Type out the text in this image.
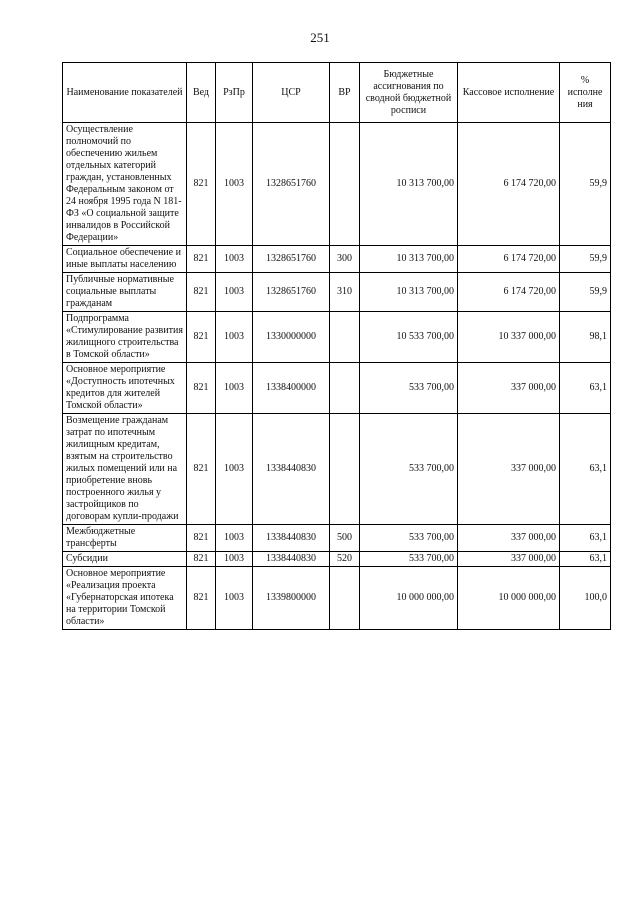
251
Наименование показателей	Вед	РзПр	ЦСР	ВР	Бюджетные ассигнования по сводной бюджетной росписи	Кассовое исполнение	% исполне ния
Осуществление полномочий по обеспечению жильем отдельных категорий граждан, установленных Федеральным законом от 24 ноября 1995 года N 181-ФЗ «О социальной защите инвалидов в Российской Федерации»	821	1003	1328651760		10 313 700,00	6 174 720,00	59,9
Социальное обеспечение и иные выплаты населению	821	1003	1328651760	300	10 313 700,00	6 174 720,00	59,9
Публичные нормативные социальные выплаты гражданам	821	1003	1328651760	310	10 313 700,00	6 174 720,00	59,9
Подпрограмма «Стимулирование развития жилищного строительства в Томской области»	821	1003	1330000000		10 533 700,00	10 337 000,00	98,1
Основное мероприятие «Доступность ипотечных кредитов для жителей Томской области»	821	1003	1338400000		533 700,00	337 000,00	63,1
Возмещение гражданам затрат по ипотечным жилищным кредитам, взятым на строительство жилых помещений или на приобретение вновь построенного жилья у застройщиков по договорам купли-продажи	821	1003	1338440830		533 700,00	337 000,00	63,1
Межбюджетные трансферты	821	1003	1338440830	500	533 700,00	337 000,00	63,1
Субсидии	821	1003	1338440830	520	533 700,00	337 000,00	63,1
Основное мероприятие «Реализация проекта «Губернаторская ипотека на территории Томской области»	821	1003	1339800000		10 000 000,00	10 000 000,00	100,0
